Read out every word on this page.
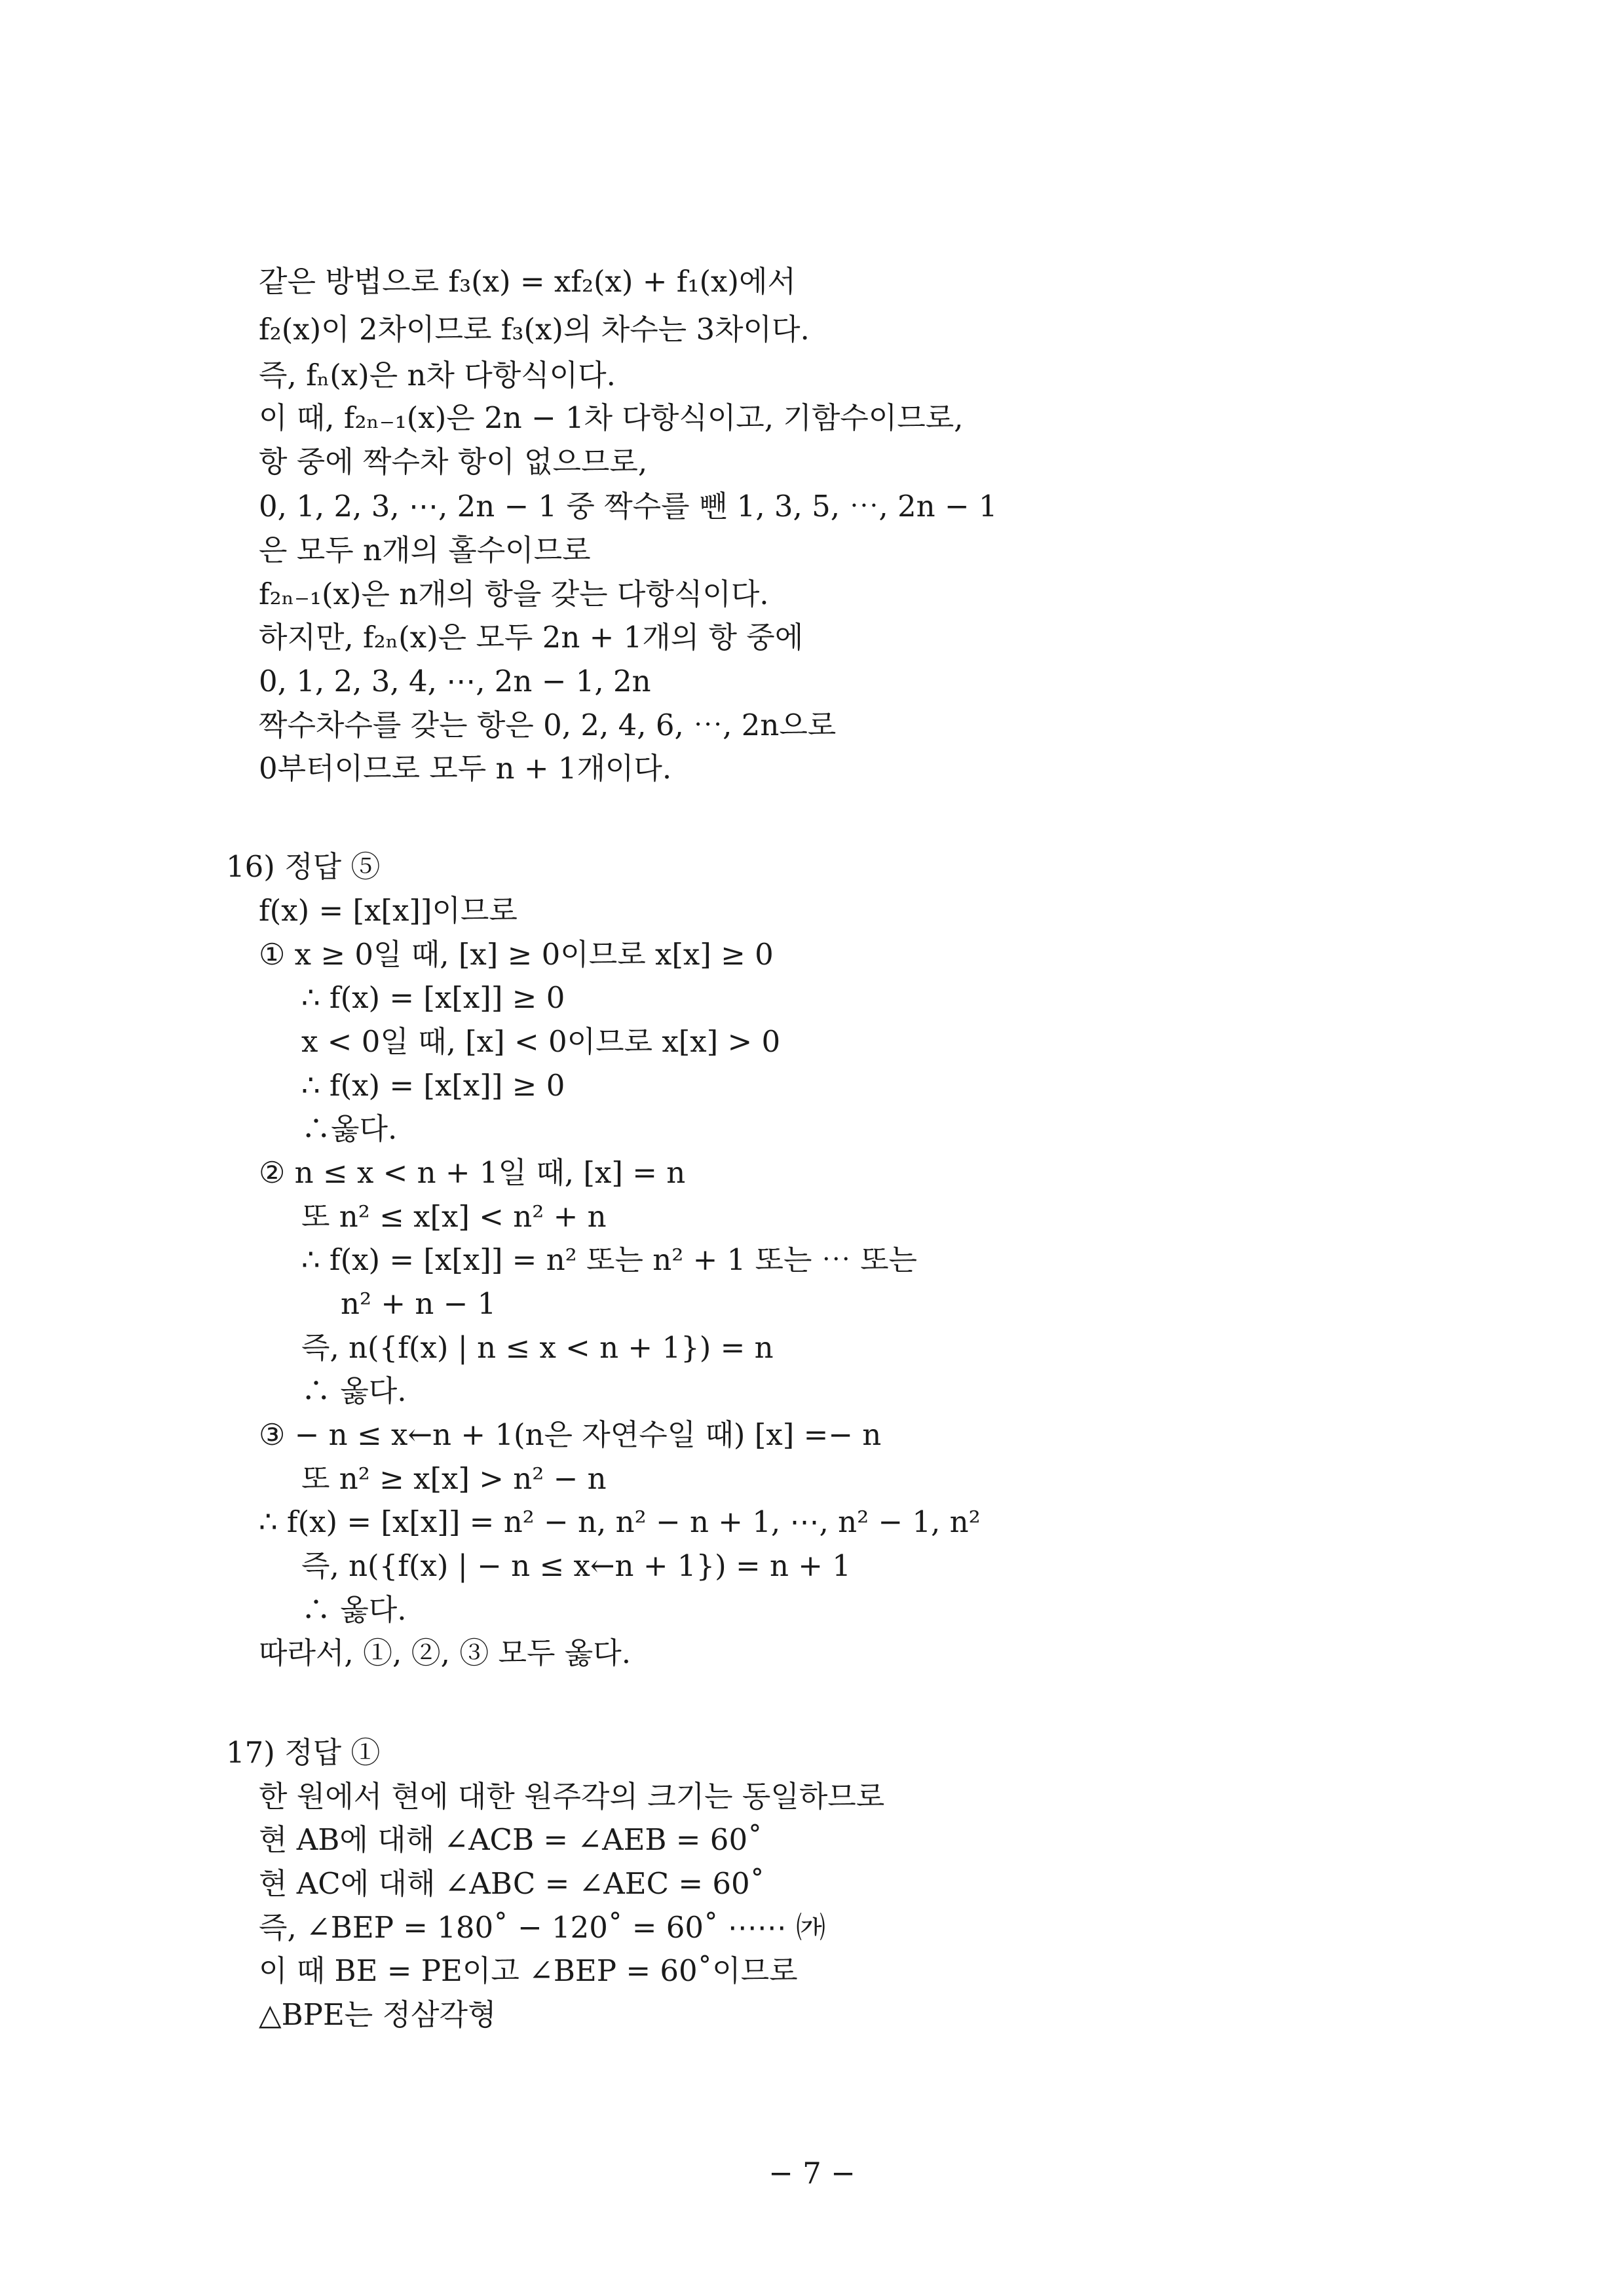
같은 방법으로 f₃(x) = xf₂(x) + f₁(x)에서
f₂(x)이 2차이므로 f₃(x)의 차수는 3차이다.
즉, fₙ(x)은 n차 다항식이다.
이 때, f₂ₙ₋₁(x)은 2n − 1차 다항식이고, 기함수이므로,
항 중에 짝수차 항이 없으므로,
0, 1, 2, 3, ⋯, 2n − 1 중 짝수를 뺀 1, 3, 5, ⋯, 2n − 1
은 모두 n개의 홀수이므로
f₂ₙ₋₁(x)은 n개의 항을 갖는 다항식이다.
하지만, f₂ₙ(x)은 모두 2n + 1개의 항 중에
0, 1, 2, 3, 4, ⋯, 2n − 1, 2n
짝수차수를 갖는 항은 0, 2, 4, 6, ⋯, 2n으로
0부터이므로 모두 n + 1개이다.
16) 정답 ⑤
f(x) = [x[x]]이므로
① x ≥ 0일 때, [x] ≥ 0이므로 x[x] ≥ 0
∴ f(x) = [x[x]] ≥ 0
x < 0일 때, [x] < 0이므로 x[x] > 0
∴ f(x) = [x[x]] ≥ 0
∴옳다.
② n ≤ x < n + 1일 때, [x] = n
또 n² ≤ x[x] < n² + n
∴ f(x) = [x[x]] = n² 또는 n² + 1 또는 ⋯ 또는
n² + n − 1
즉, n({f(x) | n ≤ x < n + 1}) = n
∴ 옳다.
③ − n ≤ x←n + 1(n은 자연수일 때) [x] =− n
또 n² ≥ x[x] > n² − n
∴ f(x) = [x[x]] = n² − n, n² − n + 1, ⋯, n² − 1, n²
즉, n({f(x) | − n ≤ x←n + 1}) = n + 1
∴ 옳다.
따라서, ①, ②, ③ 모두 옳다.
17) 정답 ①
한 원에서 현에 대한 원주각의 크기는 동일하므로
현 AB에 대해 ∠ACB = ∠AEB = 60˚
현 AC에 대해 ∠ABC = ∠AEC = 60˚
즉, ∠BEP = 180˚ − 120˚ = 60˚ ⋯⋯ ㈎
이 때 BE = PE이고 ∠BEP = 60˚이므로
△BPE는 정삼각형
− 7 −
